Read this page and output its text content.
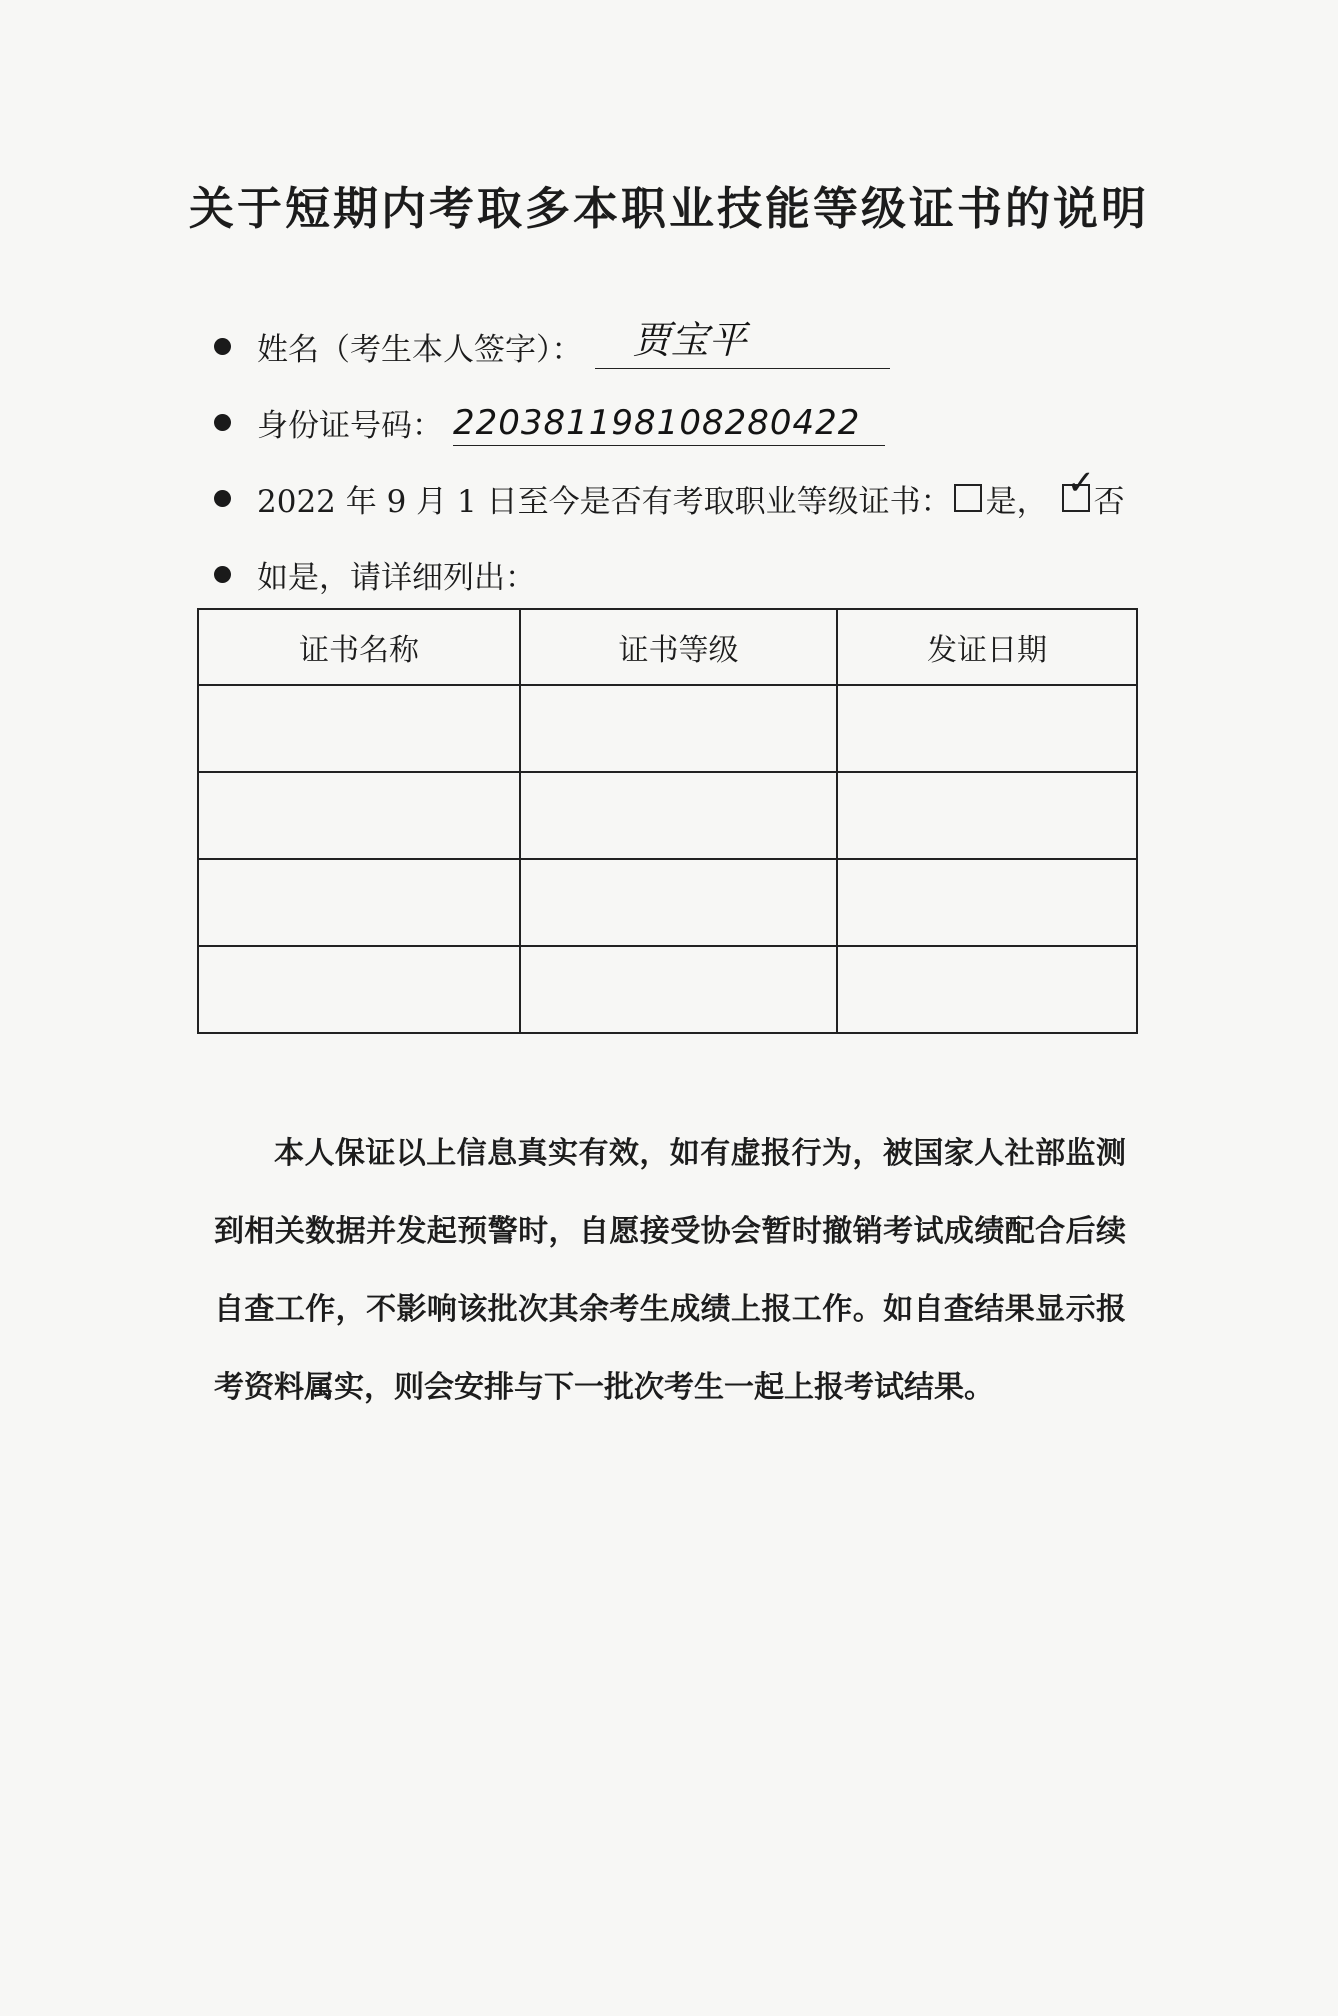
关于短期内考取多本职业技能等级证书的说明
姓名（考生本人签字）： 贾宝平
身份证号码： 220381198108280422
2022 年 9 月 1 日至今是否有考取职业等级证书： 是， ✓
否
如是，请详细列出：
证书名称	证书等级	发证日期

本人保证以上信息真实有效，如有虚报行为，被国家人社部监测到相关数据并发起预警时，自愿接受协会暂时撤销考试成绩配合后续自查工作，不影响该批次其余考生成绩上报工作。如自查结果显示报考资料属实，则会安排与下一批次考生一起上报考试结果。
